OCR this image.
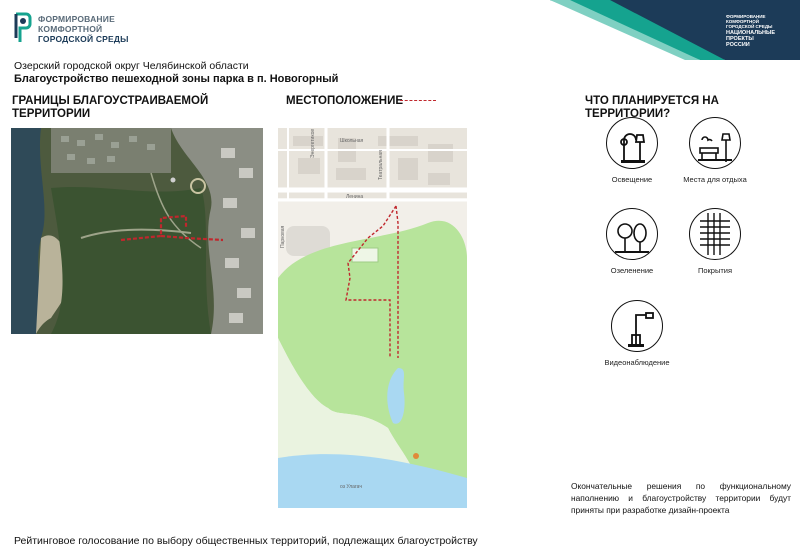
ФОРМИРОВАНИЕ
КОМФОРТНОЙ
ГОРОДСКОЙ СРЕДЫ
ФОРМИРОВАНИЕ
КОМФОРТНОЙ ГОРОДСКОЙ СРЕДЫ
НАЦИОНАЛЬНЫЕ
ПРОЕКТЫ
РОССИИ
Озерский городской округ Челябинской области
Благоустройство пешеходной зоны парка в п. Новогорный
ГРАНИЦЫ БЛАГОУСТРАИВАЕМОЙ ТЕРРИТОРИИ
МЕСТОПОЛОЖЕНИЕ	ЧТО ПЛАНИРУЕТСЯ НА ТЕРРИТОРИИ?
Школьная
Ленина
Парковая
Энергетиков
Театральная
оз Улагач
Освещение	Места для отдыха
Озеленение	Покрытия
Видеонаблюдение
Окончательные решения по функциональному наполнению и благоустройству территории будут приняты при разработке дизайн-проекта
Рейтинговое голосование по выбору общественных территорий, подлежащих благоустройству
